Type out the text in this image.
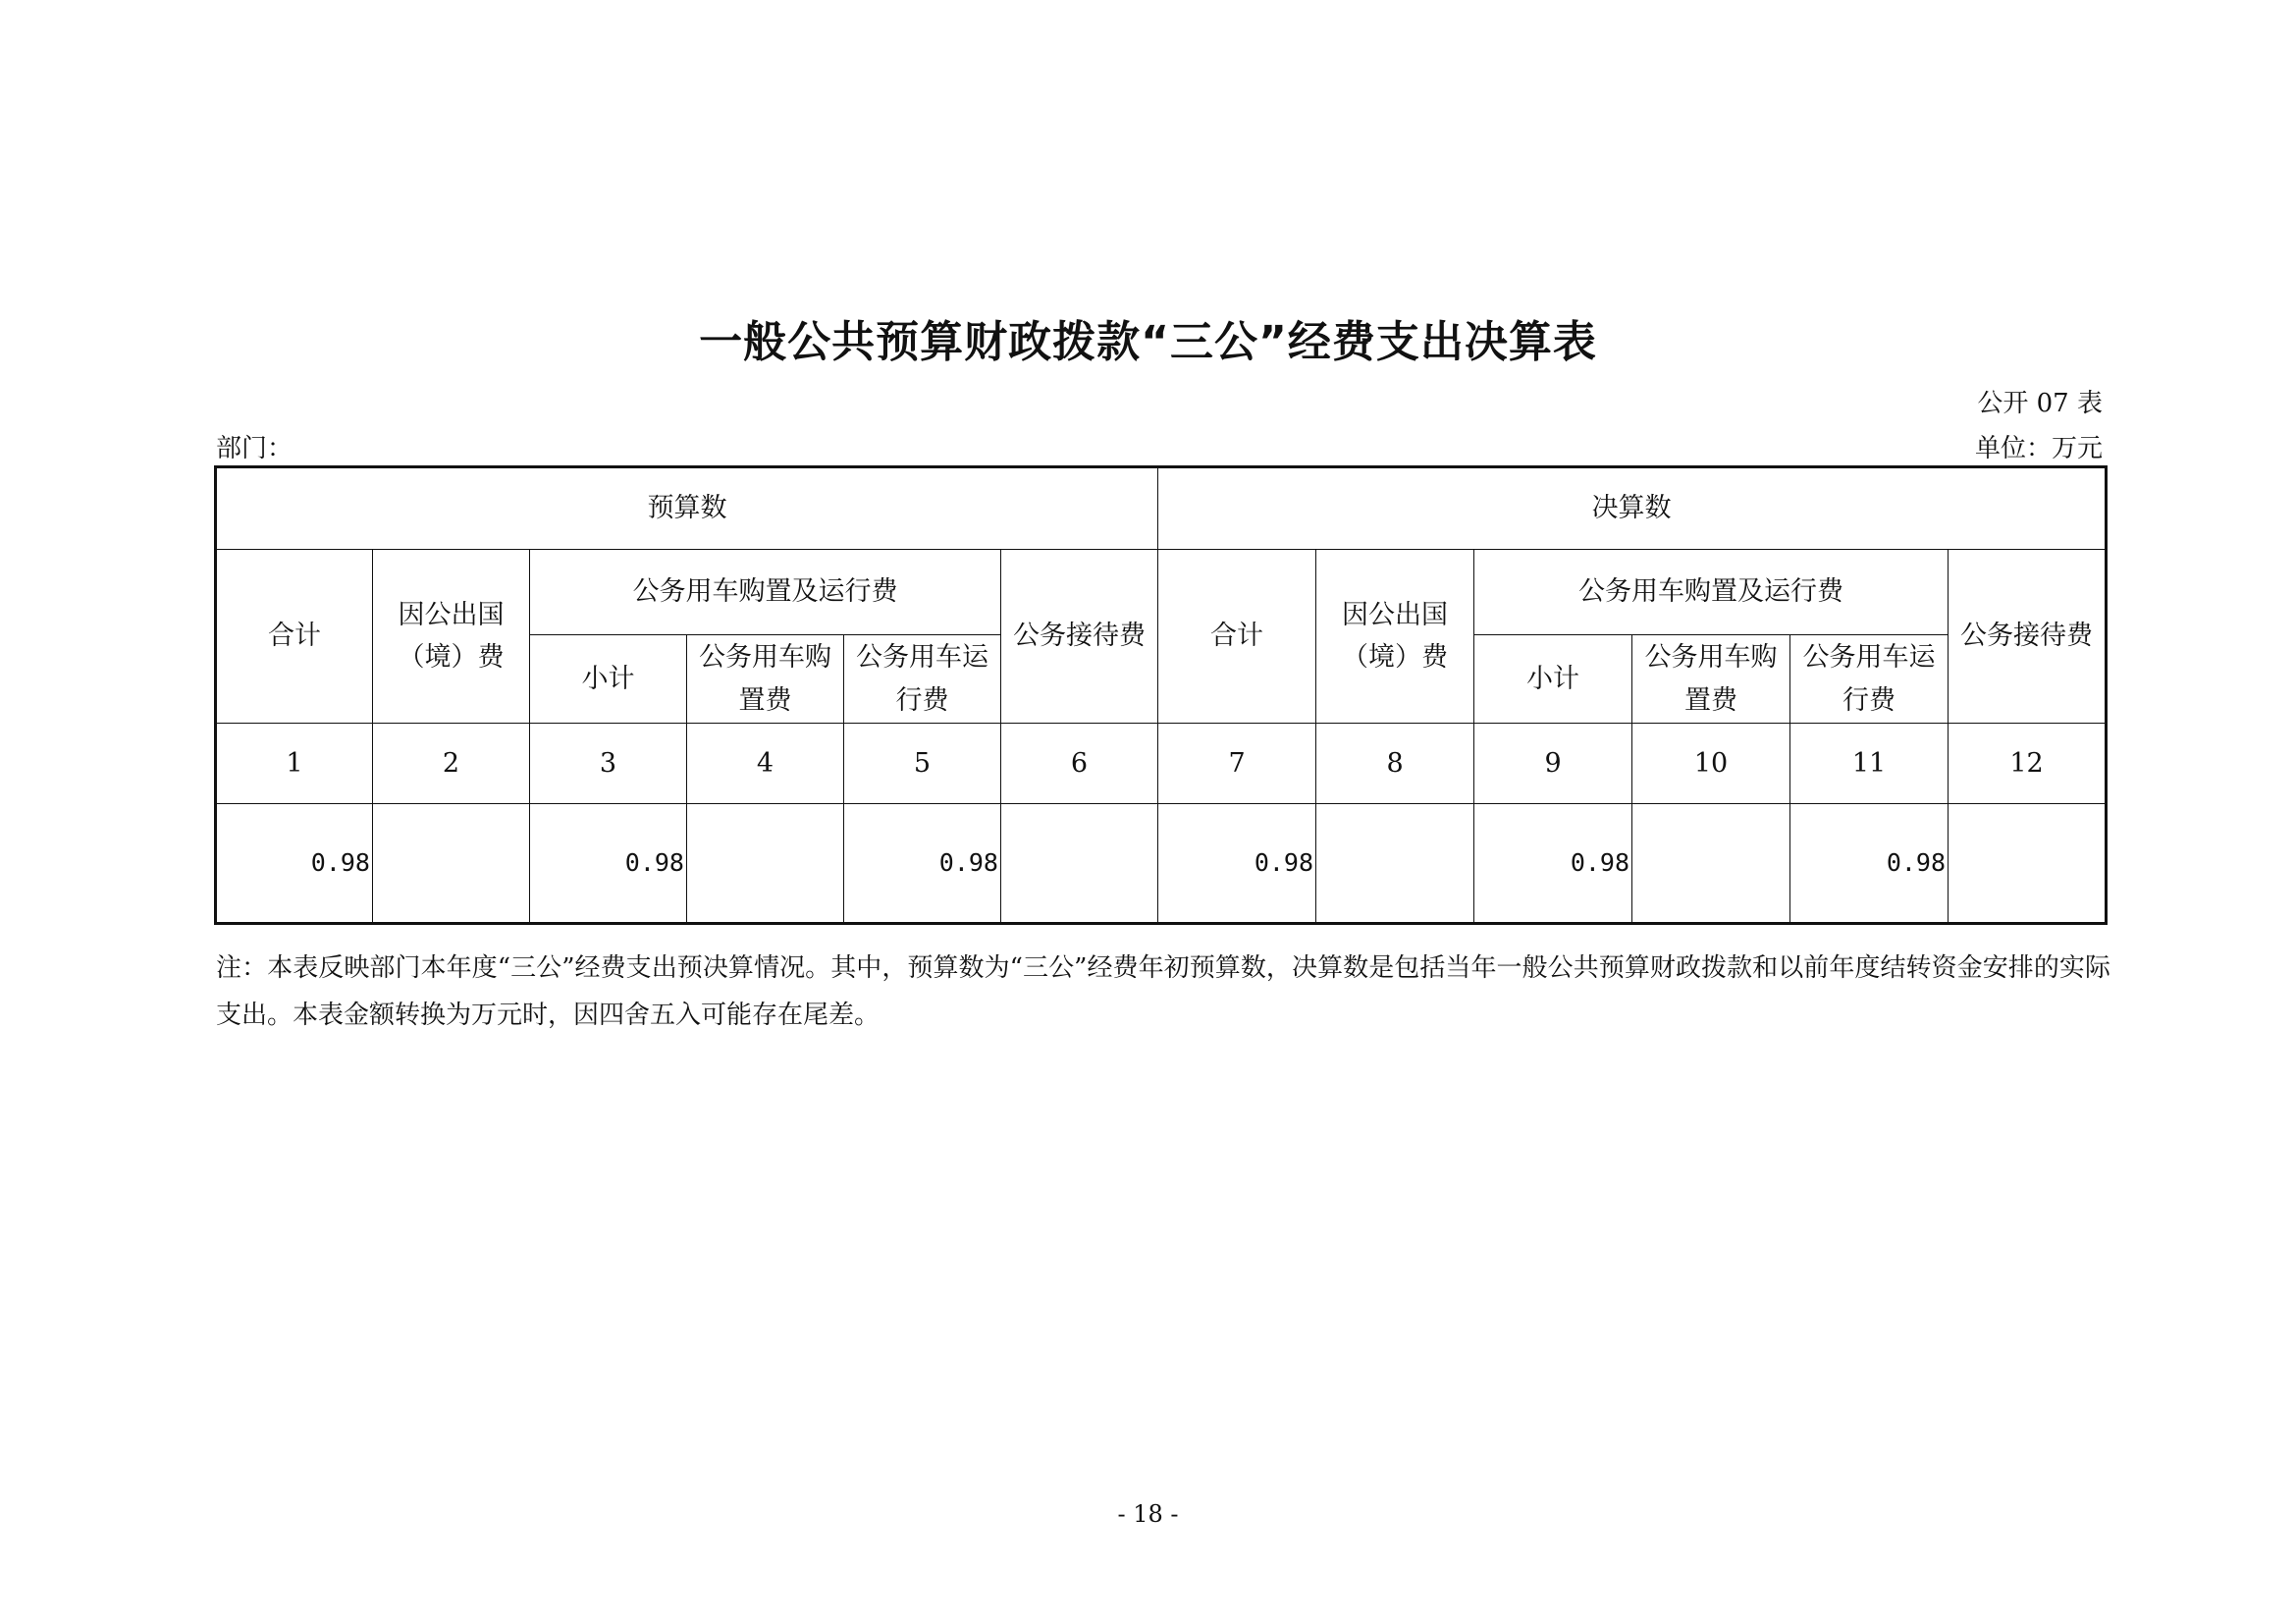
一般公共预算财政拨款“三公”经费支出决算表
公开 07 表
部门：	单位：万元
预算数						决算数					
合计	因公出国（境）费	公务用车购置及运行费			公务接待费	合计	因公出国（境）费	公务用车购置及运行费			公务接待费
		小计	公务用车购置费	公务用车运行费				小计	公务用车购置费	公务用车运行费	
1	2	3	4	5	6	7	8	9	10	11	12
0.98		0.98		0.98		0.98		0.98		0.98	
注：本表反映部门本年度“三公”经费支出预决算情况。其中，预算数为“三公”经费年初预算数，决算数是包括当年一般公共预算财政拨款和以前年度结转资金安排的实际支出。本表金额转换为万元时，因四舍五入可能存在尾差。
- 18 -
